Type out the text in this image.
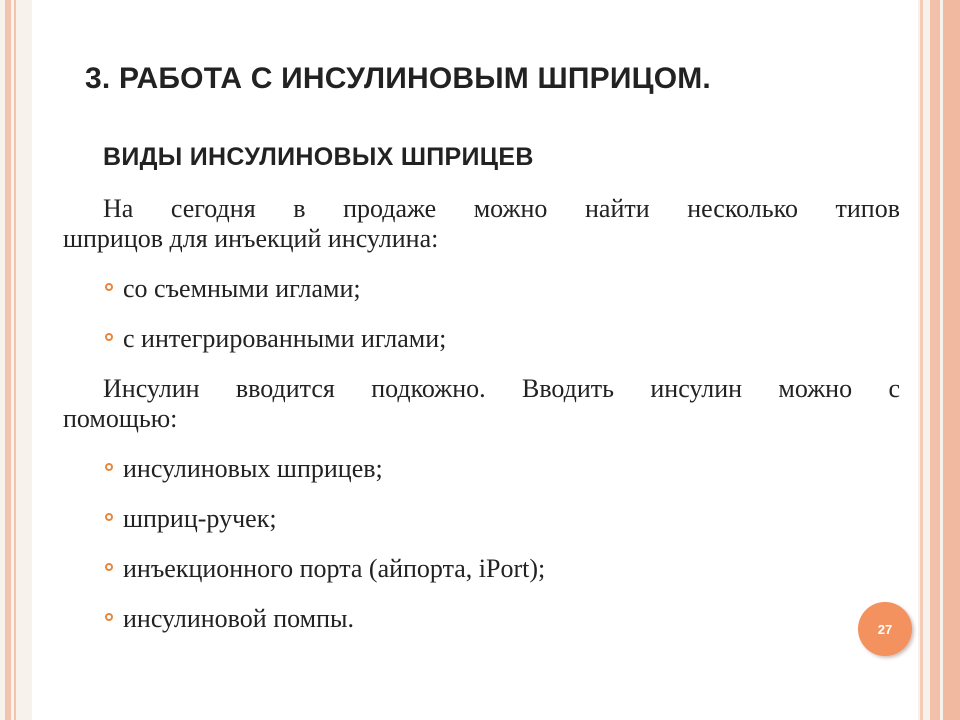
3. РАБОТА С ИНСУЛИНОВЫМ ШПРИЦОМ.
ВИДЫ ИНСУЛИНОВЫХ ШПРИЦЕВ
На сегодня в продаже можно найти несколько типов
шприцов для инъекций инсулина:
со съемными иглами;
с интегрированными иглами;
Инсулин вводится подкожно. Вводить инсулин можно с
помощью:
инсулиновых шприцев;
шприц-ручек;
инъекционного порта (айпорта, iPort);
инсулиновой помпы.	27
